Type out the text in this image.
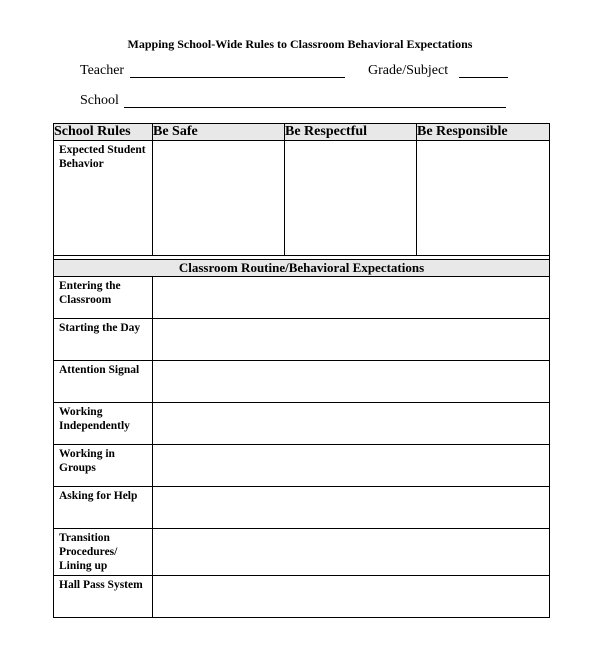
Mapping School-Wide Rules to Classroom Behavioral Expectations
Teacher	Grade/Subject
School
School Rules	Be Safe	Be Respectful	Be Responsible
Expected Student Behavior			

Classroom Routine/Behavioral Expectations			
Entering the Classroom			
Starting the Day			
Attention Signal			
Working Independently			
Working in Groups			
Asking for Help			
Transition Procedures/ Lining up			
Hall Pass System			
